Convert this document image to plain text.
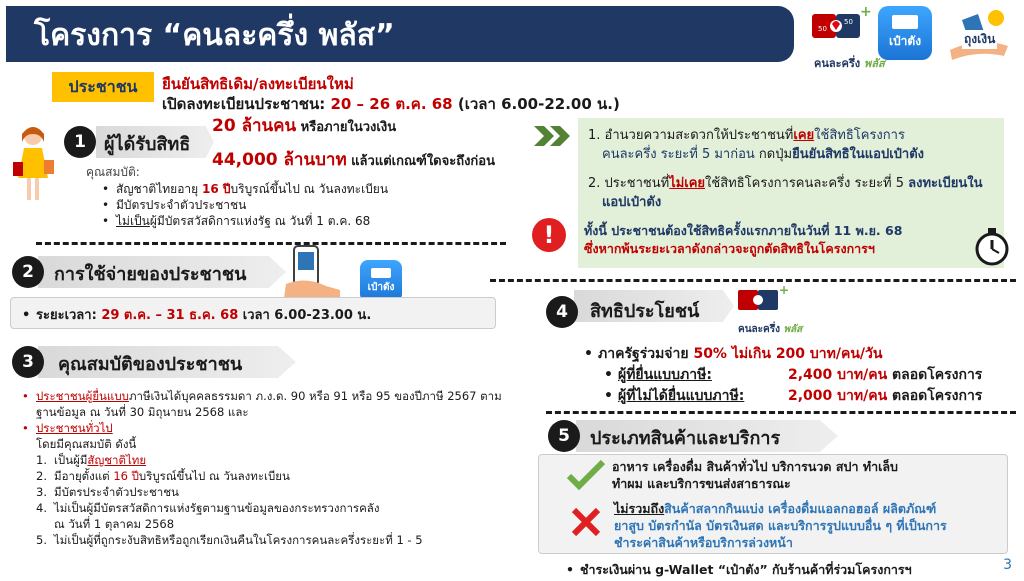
โครงการ “คนละครึ่ง พลัส”	50
50
+
คนละครึ่ง พลัส
เป๋าตัง	ถุงเงิน
ประชาชน	ยืนยันสิทธิเดิม/ลงทะเบียนใหม่
เปิดลงทะเบียนประชาชน: 20 – 26 ต.ค. 68 (เวลา 6.00-22.00 น.)
1	ผู้ได้รับสิทธิ
20 ล้านคน หรือภายในวงเงิน
44,000 ล้านบาท แล้วแต่เกณฑ์ใดจะถึงก่อน
คุณสมบัติ:
• สัญชาติไทยอายุ 16 ปีบริบูรณ์ขึ้นไป ณ วันลงทะเบียน
• มีบัตรประจำตัวประชาชน
• ไม่เป็นผู้มีบัตรสวัสดิการแห่งรัฐ ณ วันที่ 1 ต.ค. 68
1. อำนวยความสะดวกให้ประชาชนที่เคยใช้สิทธิโครงการ
คนละครึ่ง ระยะที่ 5 มาก่อน กดปุ่มยืนยันสิทธิในแอปเป๋าตัง
2. ประชาชนที่ไม่เคยใช้สิทธิโครงการคนละครึ่ง ระยะที่ 5 ลงทะเบียนใน
แอปเป๋าตัง
!	ทั้งนี้ ประชาชนต้องใช้สิทธิครั้งแรกภายในวันที่ 11 พ.ย. 68
ซึ่งหากพ้นระยะเวลาดังกล่าวจะถูกตัดสิทธิในโครงการฯ
2	การใช้จ่ายของประชาชน
เป๋าตัง
• ระยะเวลา: 29 ต.ค. – 31 ธ.ค. 68 เวลา 6.00-23.00 น.
3	คุณสมบัติของประชาชน
• ประชาชนผู้ยื่นแบบภาษีเงินได้บุคคลธรรมดา ภ.ง.ด. 90 หรือ 91 หรือ 95 ของปีภาษี 2567 ตาม
ฐานข้อมูล ณ วันที่ 30 มิถุนายน 2568 และ
• ประชาชนทั่วไป
โดยมีคุณสมบัติ ดังนี้
1. เป็นผู้มีสัญชาติไทย
2. มีอายุตั้งแต่ 16 ปีบริบูรณ์ขึ้นไป ณ วันลงทะเบียน
3. มีบัตรประจำตัวประชาชน
4. ไม่เป็นผู้มีบัตรสวัสดิการแห่งรัฐตามฐานข้อมูลของกระทรวงการคลัง
ณ วันที่ 1 ตุลาคม 2568
5. ไม่เป็นผู้ที่ถูกระงับสิทธิหรือถูกเรียกเงินคืนในโครงการคนละครึ่งระยะที่ 1 - 5
4	สิทธิประโยชน์
+
คนละครึ่ง พลัส
• ภาครัฐร่วมจ่าย 50% ไม่เกิน 200 บาท/คน/วัน
• ผู้ที่ยื่นแบบภาษี:	2,400 บาท/คน ตลอดโครงการ
• ผู้ที่ไม่ได้ยื่นแบบภาษี:	2,000 บาท/คน ตลอดโครงการ
5	ประเภทสินค้าและบริการ
อาหาร เครื่องดื่ม สินค้าทั่วไป บริการนวด สปา ทำเล็บ
ทำผม และบริการขนส่งสาธารณะ
ไม่รวมถึงสินค้าสลากกินแบ่ง เครื่องดื่มแอลกอฮอล์ ผลิตภัณฑ์
ยาสูบ บัตรกำนัล บัตรเงินสด และบริการรูปแบบอื่น ๆ ที่เป็นการ
ชำระค่าสินค้าหรือบริการล่วงหน้า
• ชำระเงินผ่าน g-Wallet “เป๋าตัง” กับร้านค้าที่ร่วมโครงการฯ	3
